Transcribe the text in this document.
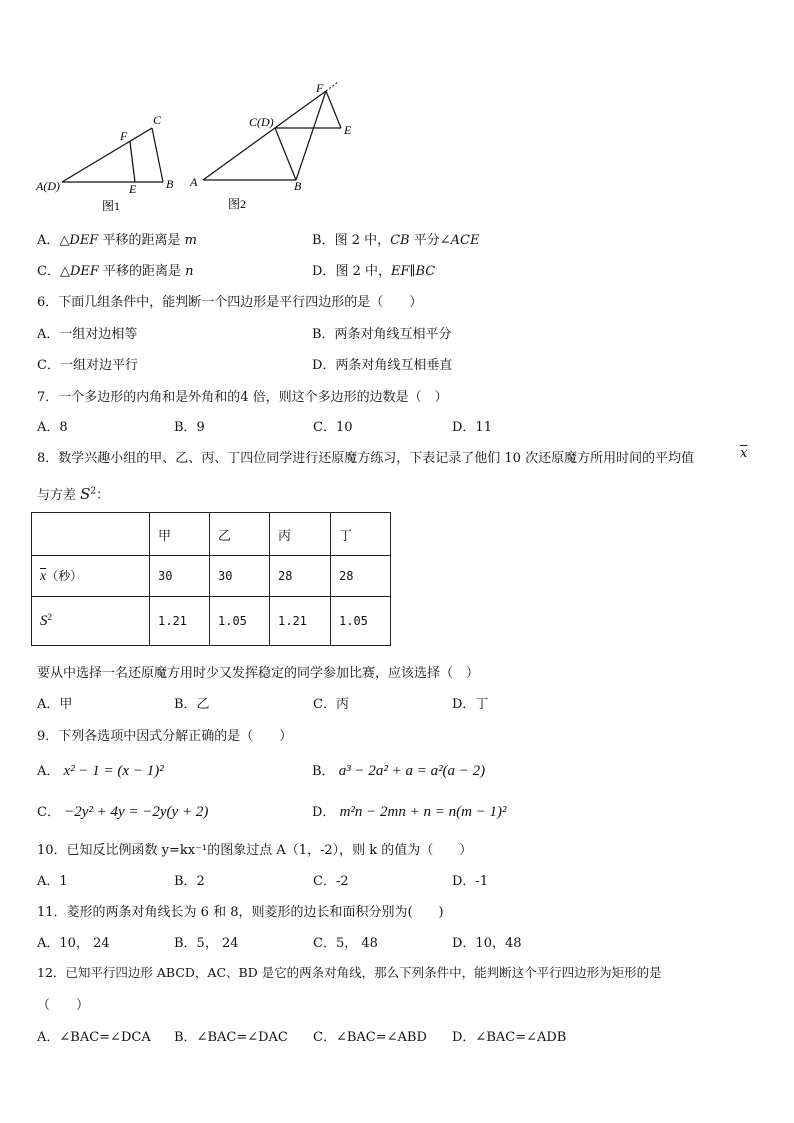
A(D)
F
C
E B
图1
F
C(D)
E
A	B
图2
A．△DEF 平移的距离是 m	B．图 2 中，CB 平分∠ACE
C．△DEF 平移的距离是 n	D．图 2 中，EF∥BC
6．下面几组条件中，能判断一个四边形是平行四边形的是（　　）
A．一组对边相等	B．两条对角线互相平分
C．一组对边平行	D．两条对角线互相垂直
7．一个多边形的内角和是外角和的4 倍，则这个多边形的边数是（　）
A．8	B．9	C．10	D．11
8．数学兴趣小组的甲、乙、丙、丁四位同学进行还原魔方练习，下表记录了他们 10 次还原魔方所用时间的平均值	$\overline{x}$
与方差 $S^2$：
	甲	乙	丙	丁
$\overline{x}$（秒）	30	30	28	28
$S^2$	1.21	1.05	1.21	1.05
要从中选择一名还原魔方用时少又发挥稳定的同学参加比赛，应该选择（　）
A．甲	B．乙	C．丙	D．丁
9．下列各选项中因式分解正确的是（　　）
A． x² − 1 = (x − 1)²	B． a³ − 2a² + a = a²(a − 2)
C． −2y² + 4y = −2y(y + 2)	D． m²n − 2mn + n = n(m − 1)²
10．已知反比例函数 y=kx⁻¹的图象过点 A（1，-2），则 k 的值为（　　）
A．1	B．2	C．-2	D．-1
11．菱形的两条对角线长为 6 和 8，则菱形的边长和面积分别为(　　)
A．10， 24	B．5， 24	C．5， 48	D．10，48
12．已知平行四边形 ABCD，AC、BD 是它的两条对角线，那么下列条件中，能判断这个平行四边形为矩形的是
（　　）
A．∠BAC=∠DCA B．∠BAC=∠DAC C．∠BAC=∠ABD D．∠BAC=∠ADB
